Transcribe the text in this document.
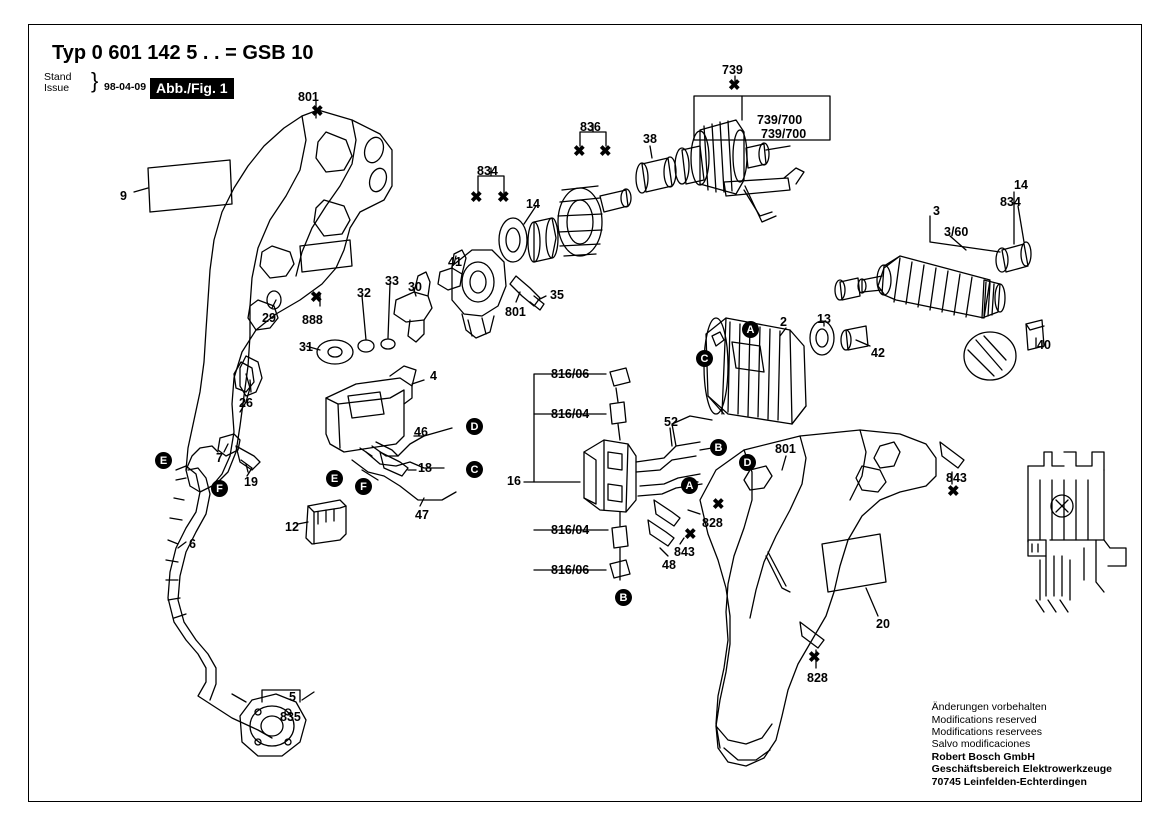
Typ 0 601 142 5 . . = GSB 10
Stand
Issue } 98-04-09 Abb./Fig. 1
801
9
29 888
26
31
32
33 30
41
834
14
836
38
739
739/700
739/700
3
3/60
14
834
40
35
801
2 13
42
4
46
18
47
7
19
12
6
5
835
16
816/06
816/04
816/04
816/06
52
828
843
48
801
843
20
828
D
C
E
F
E
F
A
C
B
D
A
B
✖
✖
✖ ✖
✖ ✖
✖
✖
✖
✖
✖
Änderungen vorbehalten
Modifications reserved
Modifications reservees
Salvo modificaciones
Robert Bosch GmbH
Geschäftsbereich Elektrowerkzeuge
70745 Leinfelden-Echterdingen
